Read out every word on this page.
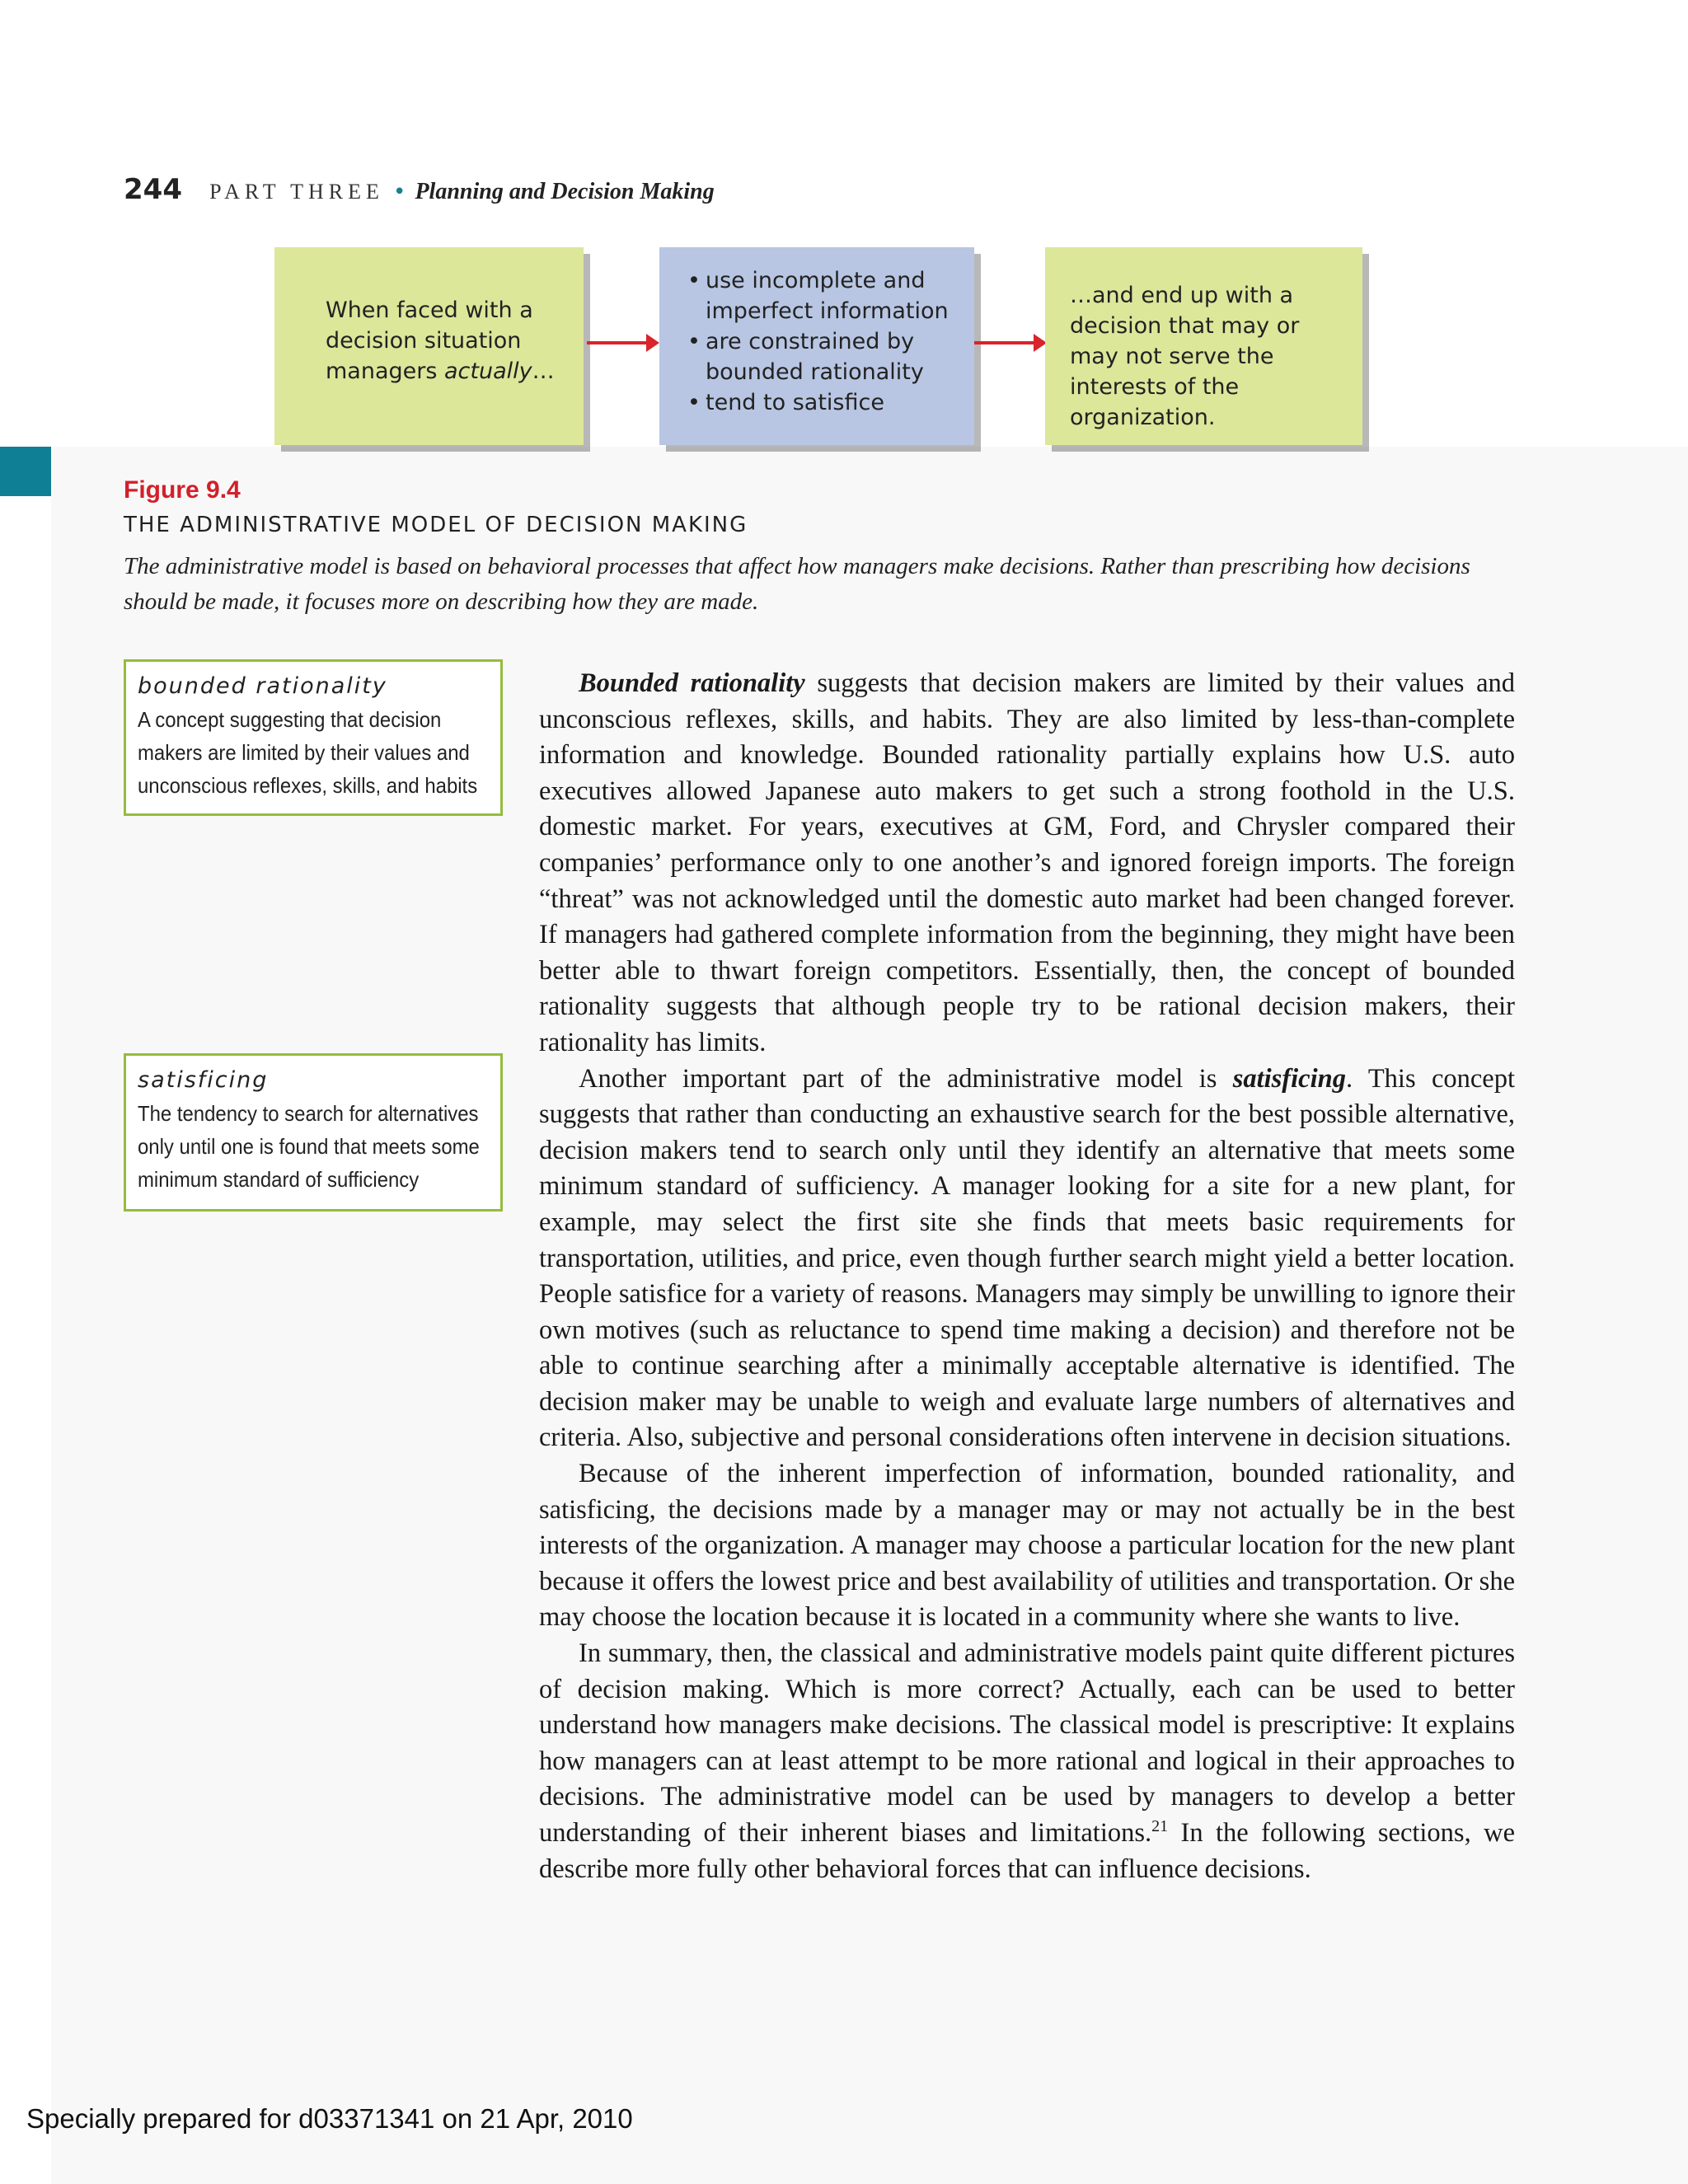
244 PART THREE • Planning and Decision Making
When faced with a decision situation managers actually…
• use incomplete and imperfect information
• are constrained by bounded rationality
• tend to satisfice
…and end up with a decision that may or may not serve the interests of the organization.
Figure 9.4
THE ADMINISTRATIVE MODEL OF DECISION MAKING
The administrative model is based on behavioral processes that affect how managers make decisions. Rather than prescribing how decisions should be made, it focuses more on describing how they are made.
bounded rationality
A concept suggesting that decision makers are limited by their values and unconscious reflexes, skills, and habits
satisficing
The tendency to search for alternatives only until one is found that meets some minimum standard of sufficiency

Bounded rationality suggests that decision makers are limited by their values and unconscious reflexes, skills, and habits. They are also limited by less-than-complete information and knowledge. Bounded rationality partially explains how U.S. auto executives allowed Japanese auto makers to get such a strong foothold in the U.S. domestic market. For years, executives at GM, Ford, and Chrysler compared their companies’ performance only to one another’s and ignored foreign imports. The foreign “threat” was not acknowledged until the domestic auto market had been changed forever. If managers had gathered complete information from the beginning, they might have been better able to thwart foreign competitors. Essentially, then, the concept of bounded rationality suggests that although people try to be rational decision makers, their rationality has limits.

Another important part of the administrative model is satisficing. This concept suggests that rather than conducting an exhaustive search for the best possible alternative, decision makers tend to search only until they identify an alternative that meets some minimum standard of sufficiency. A manager looking for a site for a new plant, for example, may select the first site she finds that meets basic requirements for transportation, utilities, and price, even though further search might yield a better location. People satisfice for a variety of reasons. Managers may simply be unwilling to ignore their own motives (such as reluctance to spend time making a decision) and therefore not be able to continue searching after a minimally acceptable alternative is identified. The decision maker may be unable to weigh and evaluate large numbers of alternatives and criteria. Also, subjective and personal considerations often intervene in decision situations.

Because of the inherent imperfection of information, bounded rationality, and satisficing, the decisions made by a manager may or may not actually be in the best interests of the organization. A manager may choose a particular location for the new plant because it offers the lowest price and best availability of utilities and transportation. Or she may choose the location because it is located in a community where she wants to live.

In summary, then, the classical and administrative models paint quite different pictures of decision making. Which is more correct? Actually, each can be used to better understand how managers make decisions. The classical model is prescriptive: It explains how managers can at least attempt to be more rational and logical in their approaches to decisions. The administrative model can be used by managers to develop a better understanding of their inherent biases and limitations.$^{21}$ In the following sections, we describe more fully other behavioral forces that can influence decisions.

Specially prepared for d03371341 on 21 Apr, 2010
